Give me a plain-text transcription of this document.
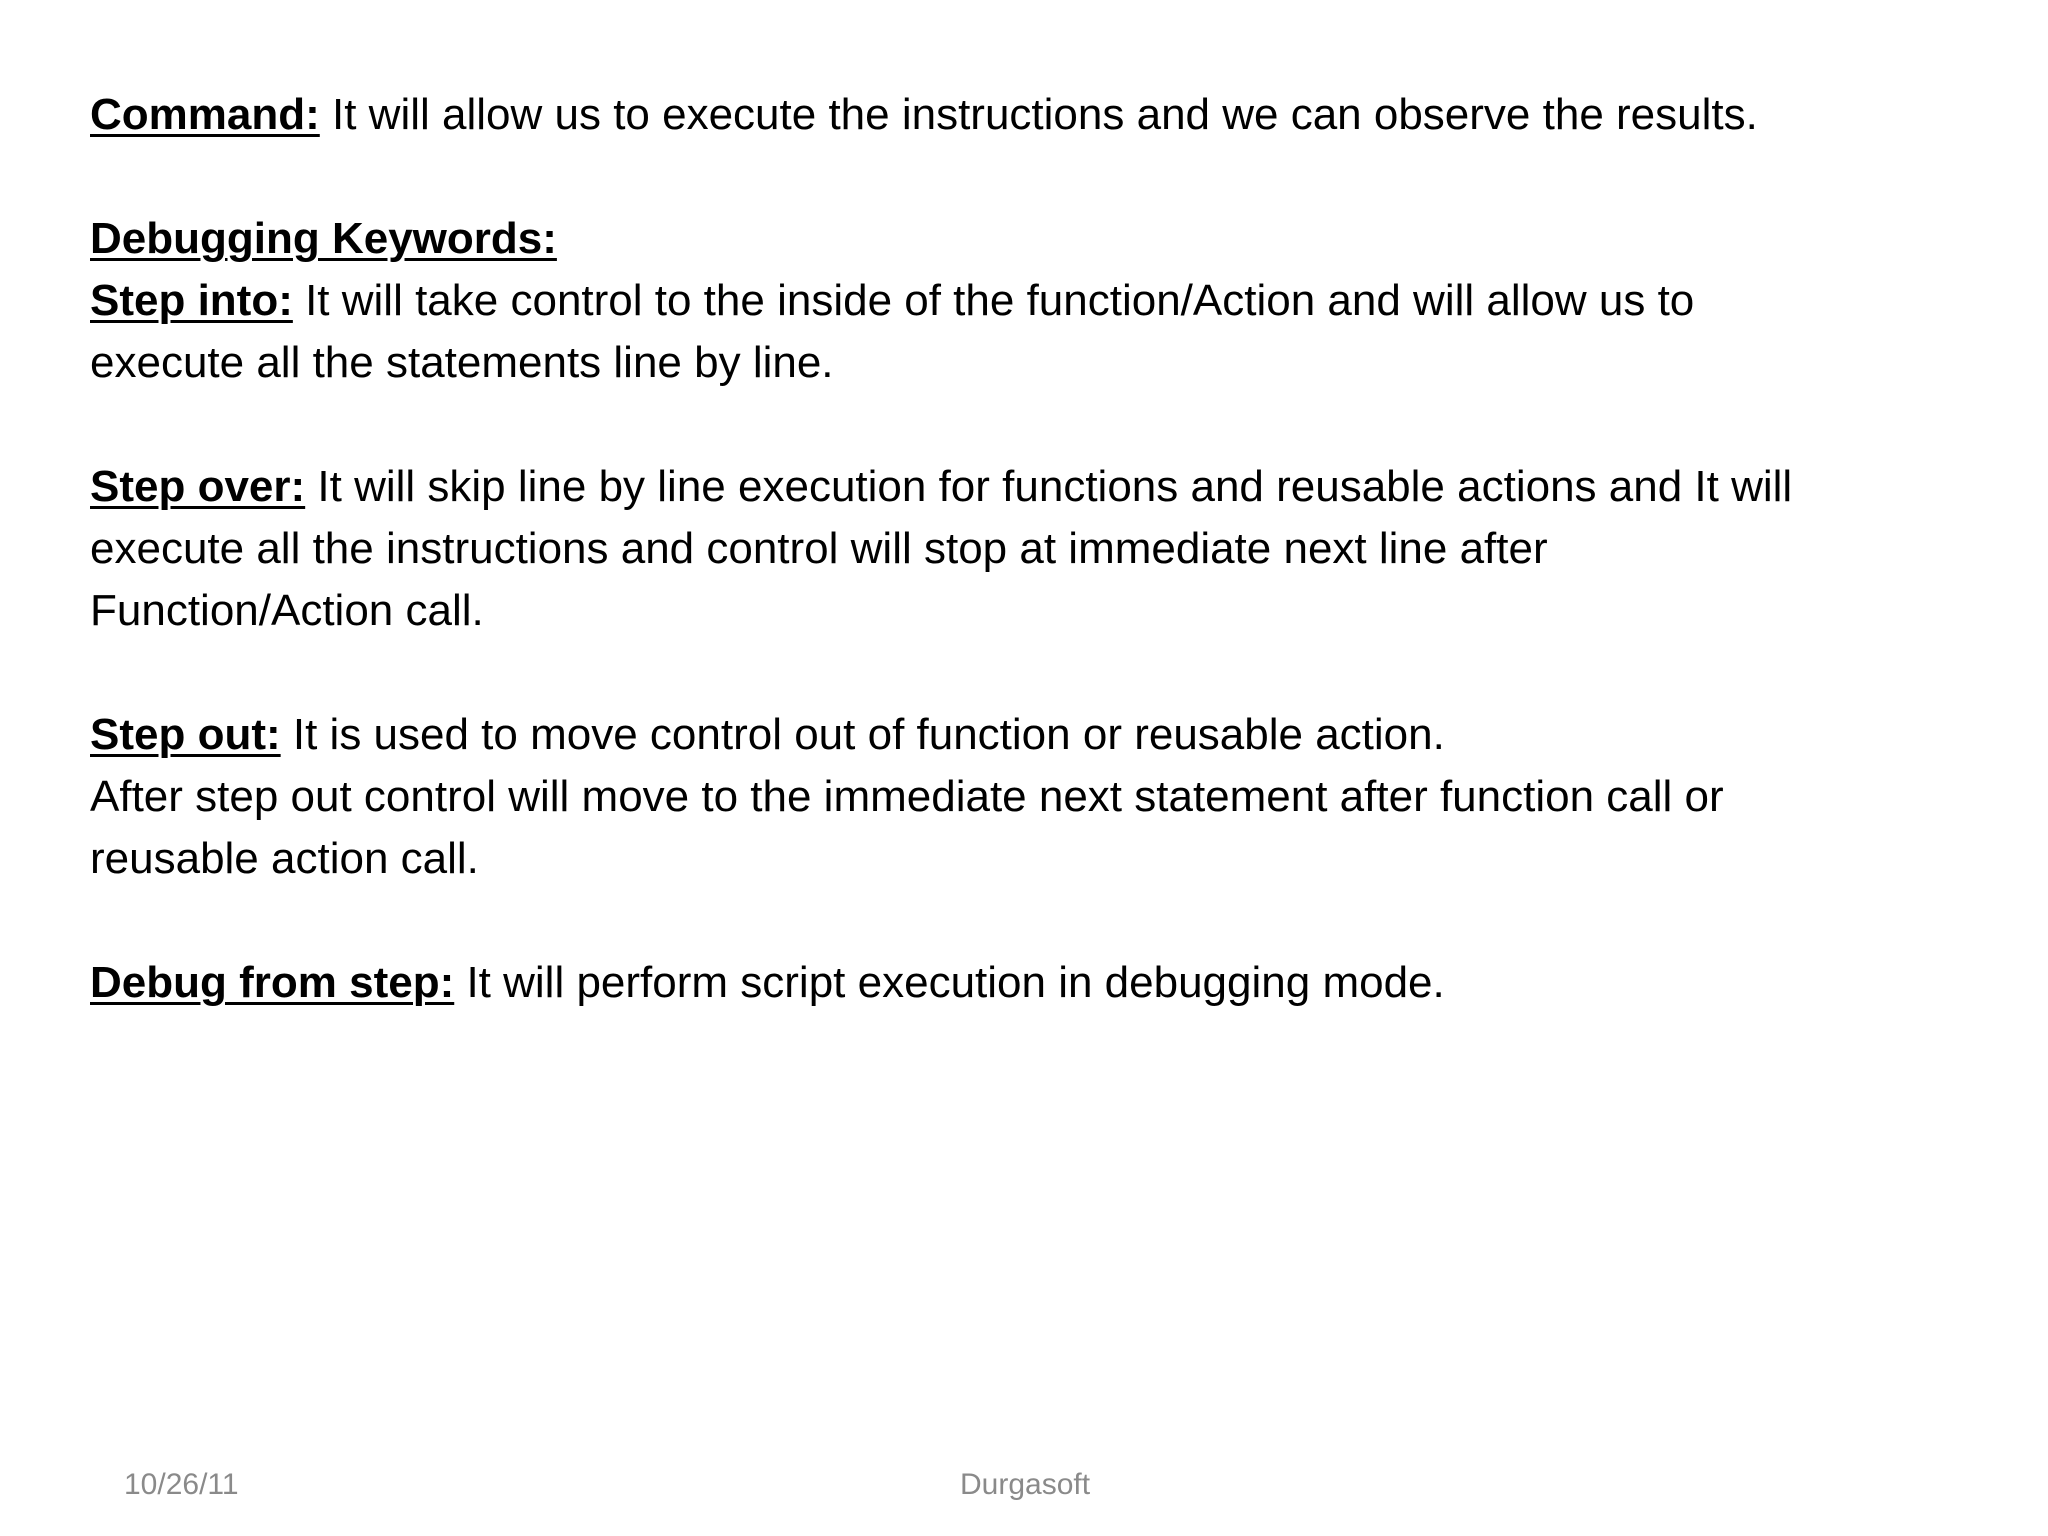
Command: It will allow us to execute the instructions and we can observe the results.

Debugging Keywords:

Step into: It will take control to the inside of the function/Action and will allow us to
execute all the statements line by line.

Step over: It will skip line by line execution for functions and reusable actions and It will
execute all the instructions and control will stop at immediate next line after
Function/Action call.

Step out: It is used to move control out of function or reusable action.
After step out control will move to the immediate next statement after function call or
reusable action call.

Debug from step: It will perform script execution in debugging mode.

10/26/11	Durgasoft
